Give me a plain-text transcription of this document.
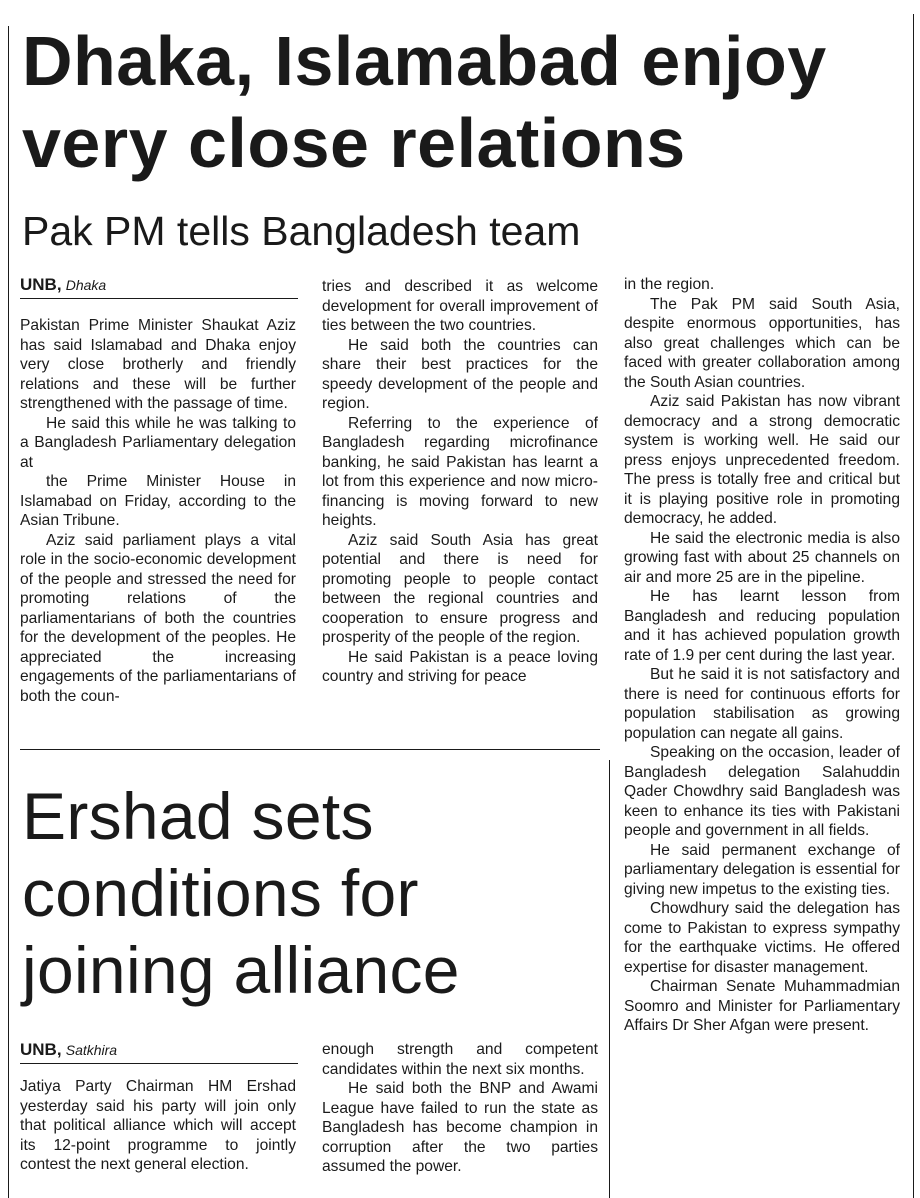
Dhaka, Islamabad enjoy
very close relations
Pak PM tells Bangladesh team
UNB, Dhaka

Pakistan Prime Minister Shaukat Aziz has said Islamabad and Dhaka enjoy very close brotherly and friendly relations and these will be further strengthened with the passage of time.

He said this while he was talking to a Bangladesh Parliamentary delegation at

the Prime Minister House in Islamabad on Friday, according to the Asian Tribune.

Aziz said parliament plays a vital role in the socio-economic development of the people and stressed the need for promoting relations of the parliamentarians of both the countries for the development of the peoples. He appreciated the increasing engagements of the parliamentarians of both the coun-

tries and described it as welcome development for overall improvement of ties between the two countries.

He said both the countries can share their best practices for the speedy development of the people and region.

Referring to the experience of Bangladesh regarding microfinance banking, he said Pakistan has learnt a lot from this experience and now micro-financing is moving forward to new heights.

Aziz said South Asia has great potential and there is need for promoting people to people contact between the regional countries and cooperation to ensure progress and prosperity of the people of the region.

He said Pakistan is a peace loving country and striving for peace

in the region.

The Pak PM said South Asia, despite enormous opportunities, has also great challenges which can be faced with greater collaboration among the South Asian countries.

Aziz said Pakistan has now vibrant democracy and a strong democratic system is working well. He said our press enjoys unprecedented freedom. The press is totally free and critical but it is playing positive role in promoting democracy, he added.

He said the electronic media is also growing fast with about 25 channels on air and more 25 are in the pipeline.

He has learnt lesson from Bangladesh and reducing population and it has achieved population growth rate of 1.9 per cent during the last year.

But he said it is not satisfactory and there is need for continuous efforts for population stabilisation as growing population can negate all gains.

Speaking on the occasion, leader of Bangladesh delegation Salahuddin Qader Chowdhry said Bangladesh was keen to enhance its ties with Pakistani people and government in all fields.

He said permanent exchange of parliamentary delegation is essential for giving new impetus to the existing ties.

Chowdhury said the delegation has come to Pakistan to express sympathy for the earthquake victims. He offered expertise for disaster management.

Chairman Senate Muhammadmian Soomro and Minister for Parliamentary Affairs Dr Sher Afgan were present.

Ershad sets
conditions for
joining alliance
UNB, Satkhira

Jatiya Party Chairman HM Ershad yesterday said his party will join only that political alliance which will accept its 12-point programme to jointly contest the next general election.

enough strength and competent candidates within the next six months.

He said both the BNP and Awami League have failed to run the state as Bangladesh has become champion in corruption after the two parties assumed the power.
